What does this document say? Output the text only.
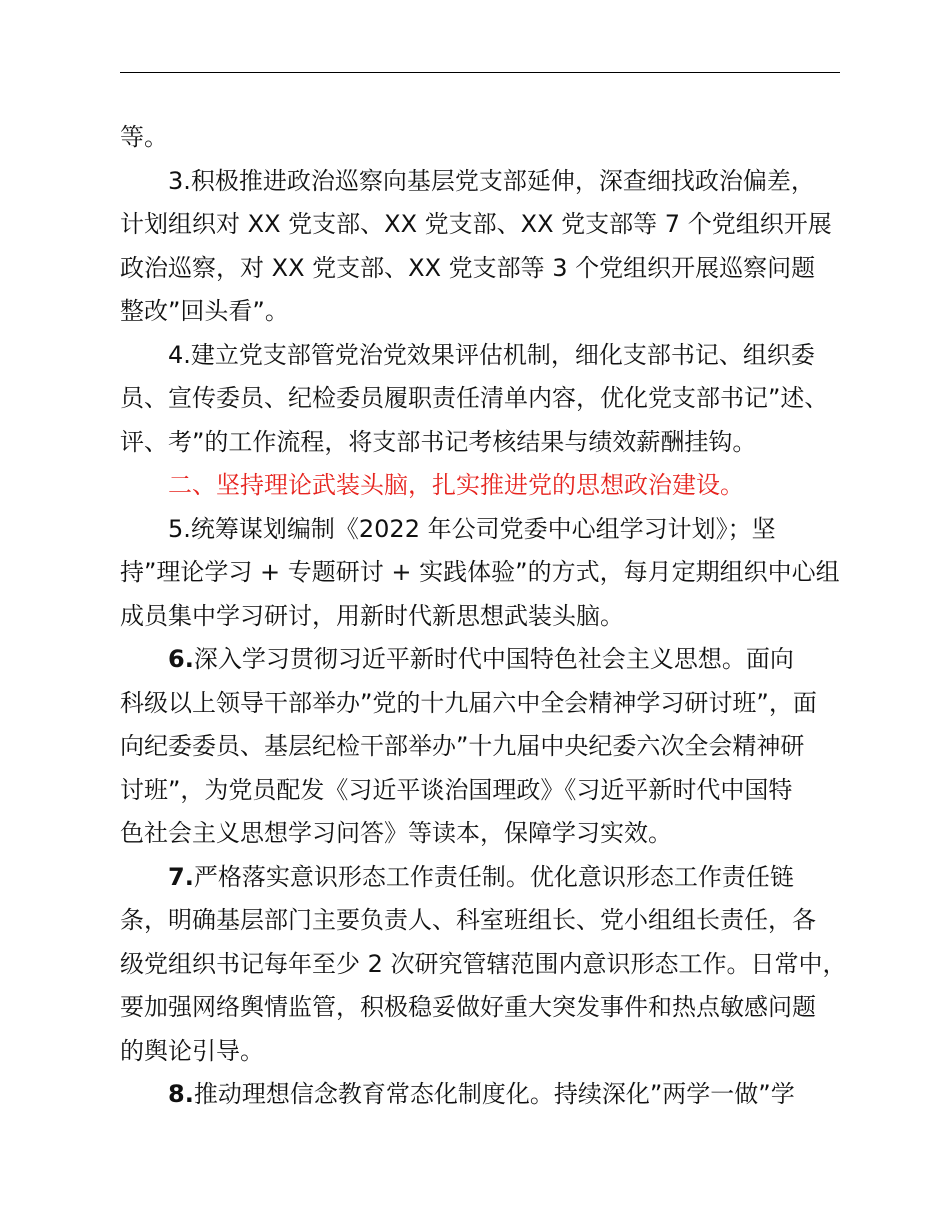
等。
3.积极推进政治巡察向基层党支部延伸，深查细找政治偏差，
计划组织对 XX 党支部、XX 党支部、XX 党支部等 7 个党组织开展
政治巡察，对 XX 党支部、XX 党支部等 3 个党组织开展巡察问题
整改”回头看”。
4.建立党支部管党治党效果评估机制，细化支部书记、组织委
员、宣传委员、纪检委员履职责任清单内容，优化党支部书记”述、
评、考”的工作流程，将支部书记考核结果与绩效薪酬挂钩。
二、坚持理论武装头脑，扎实推进党的思想政治建设。
5.统筹谋划编制《2022 年公司党委中心组学习计划》；坚
持”理论学习 + 专题研讨 + 实践体验”的方式，每月定期组织中心组
成员集中学习研讨，用新时代新思想武装头脑。
6.深入学习贯彻习近平新时代中国特色社会主义思想。面向
科级以上领导干部举办”党的十九届六中全会精神学习研讨班”，面
向纪委委员、基层纪检干部举办”十九届中央纪委六次全会精神研
讨班”，为党员配发《习近平谈治国理政》《习近平新时代中国特
色社会主义思想学习问答》等读本，保障学习实效。
7.严格落实意识形态工作责任制。优化意识形态工作责任链
条，明确基层部门主要负责人、科室班组长、党小组组长责任，各
级党组织书记每年至少 2 次研究管辖范围内意识形态工作。日常中，
要加强网络舆情监管，积极稳妥做好重大突发事件和热点敏感问题
的舆论引导。
8.推动理想信念教育常态化制度化。持续深化”两学一做”学
